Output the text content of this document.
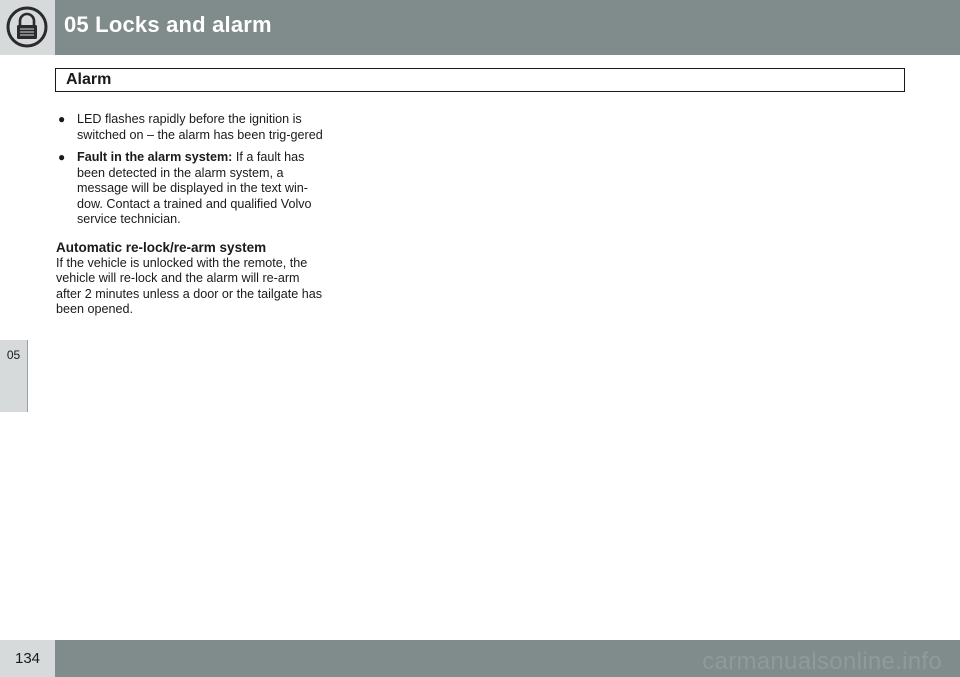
05 Locks and alarm
Alarm
05
● LED flashes rapidly before the ignition is switched on – the alarm has been trig-gered
● Fault in the alarm system: If a fault has been detected in the alarm system, a message will be displayed in the text win-dow. Contact a trained and qualified Volvo service technician.
Automatic re-lock/re-arm system

If the vehicle is unlocked with the remote, the vehicle will re-lock and the alarm will re-arm after 2 minutes unless a door or the tailgate has been opened.

134	carmanualsonline.info
